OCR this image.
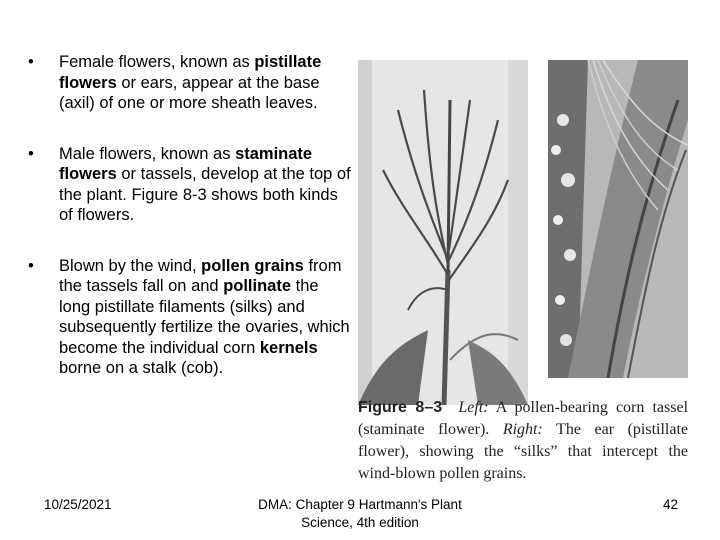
• Female flowers, known as pistillate flowers or ears, appear at the base (axil) of one or more sheath leaves.
• Male flowers, known as staminate flowers or tassels, develop at the top of the plant. Figure 8-3 shows both kinds of flowers.
• Blown by the wind, pollen grains from the tassels fall on and pollinate the long pistillate filaments (silks) and subsequently fertilize the ovaries, which become the individual corn kernels borne on a stalk (cob).
Figure 8–3 Left: A pollen-bearing corn tassel (staminate flower). Right: The ear (pistillate flower), showing the “silks” that intercept the wind-blown pollen grains.
10/25/2021	DMA: Chapter 9 Hartmann's Plant Science, 4th edition
42
